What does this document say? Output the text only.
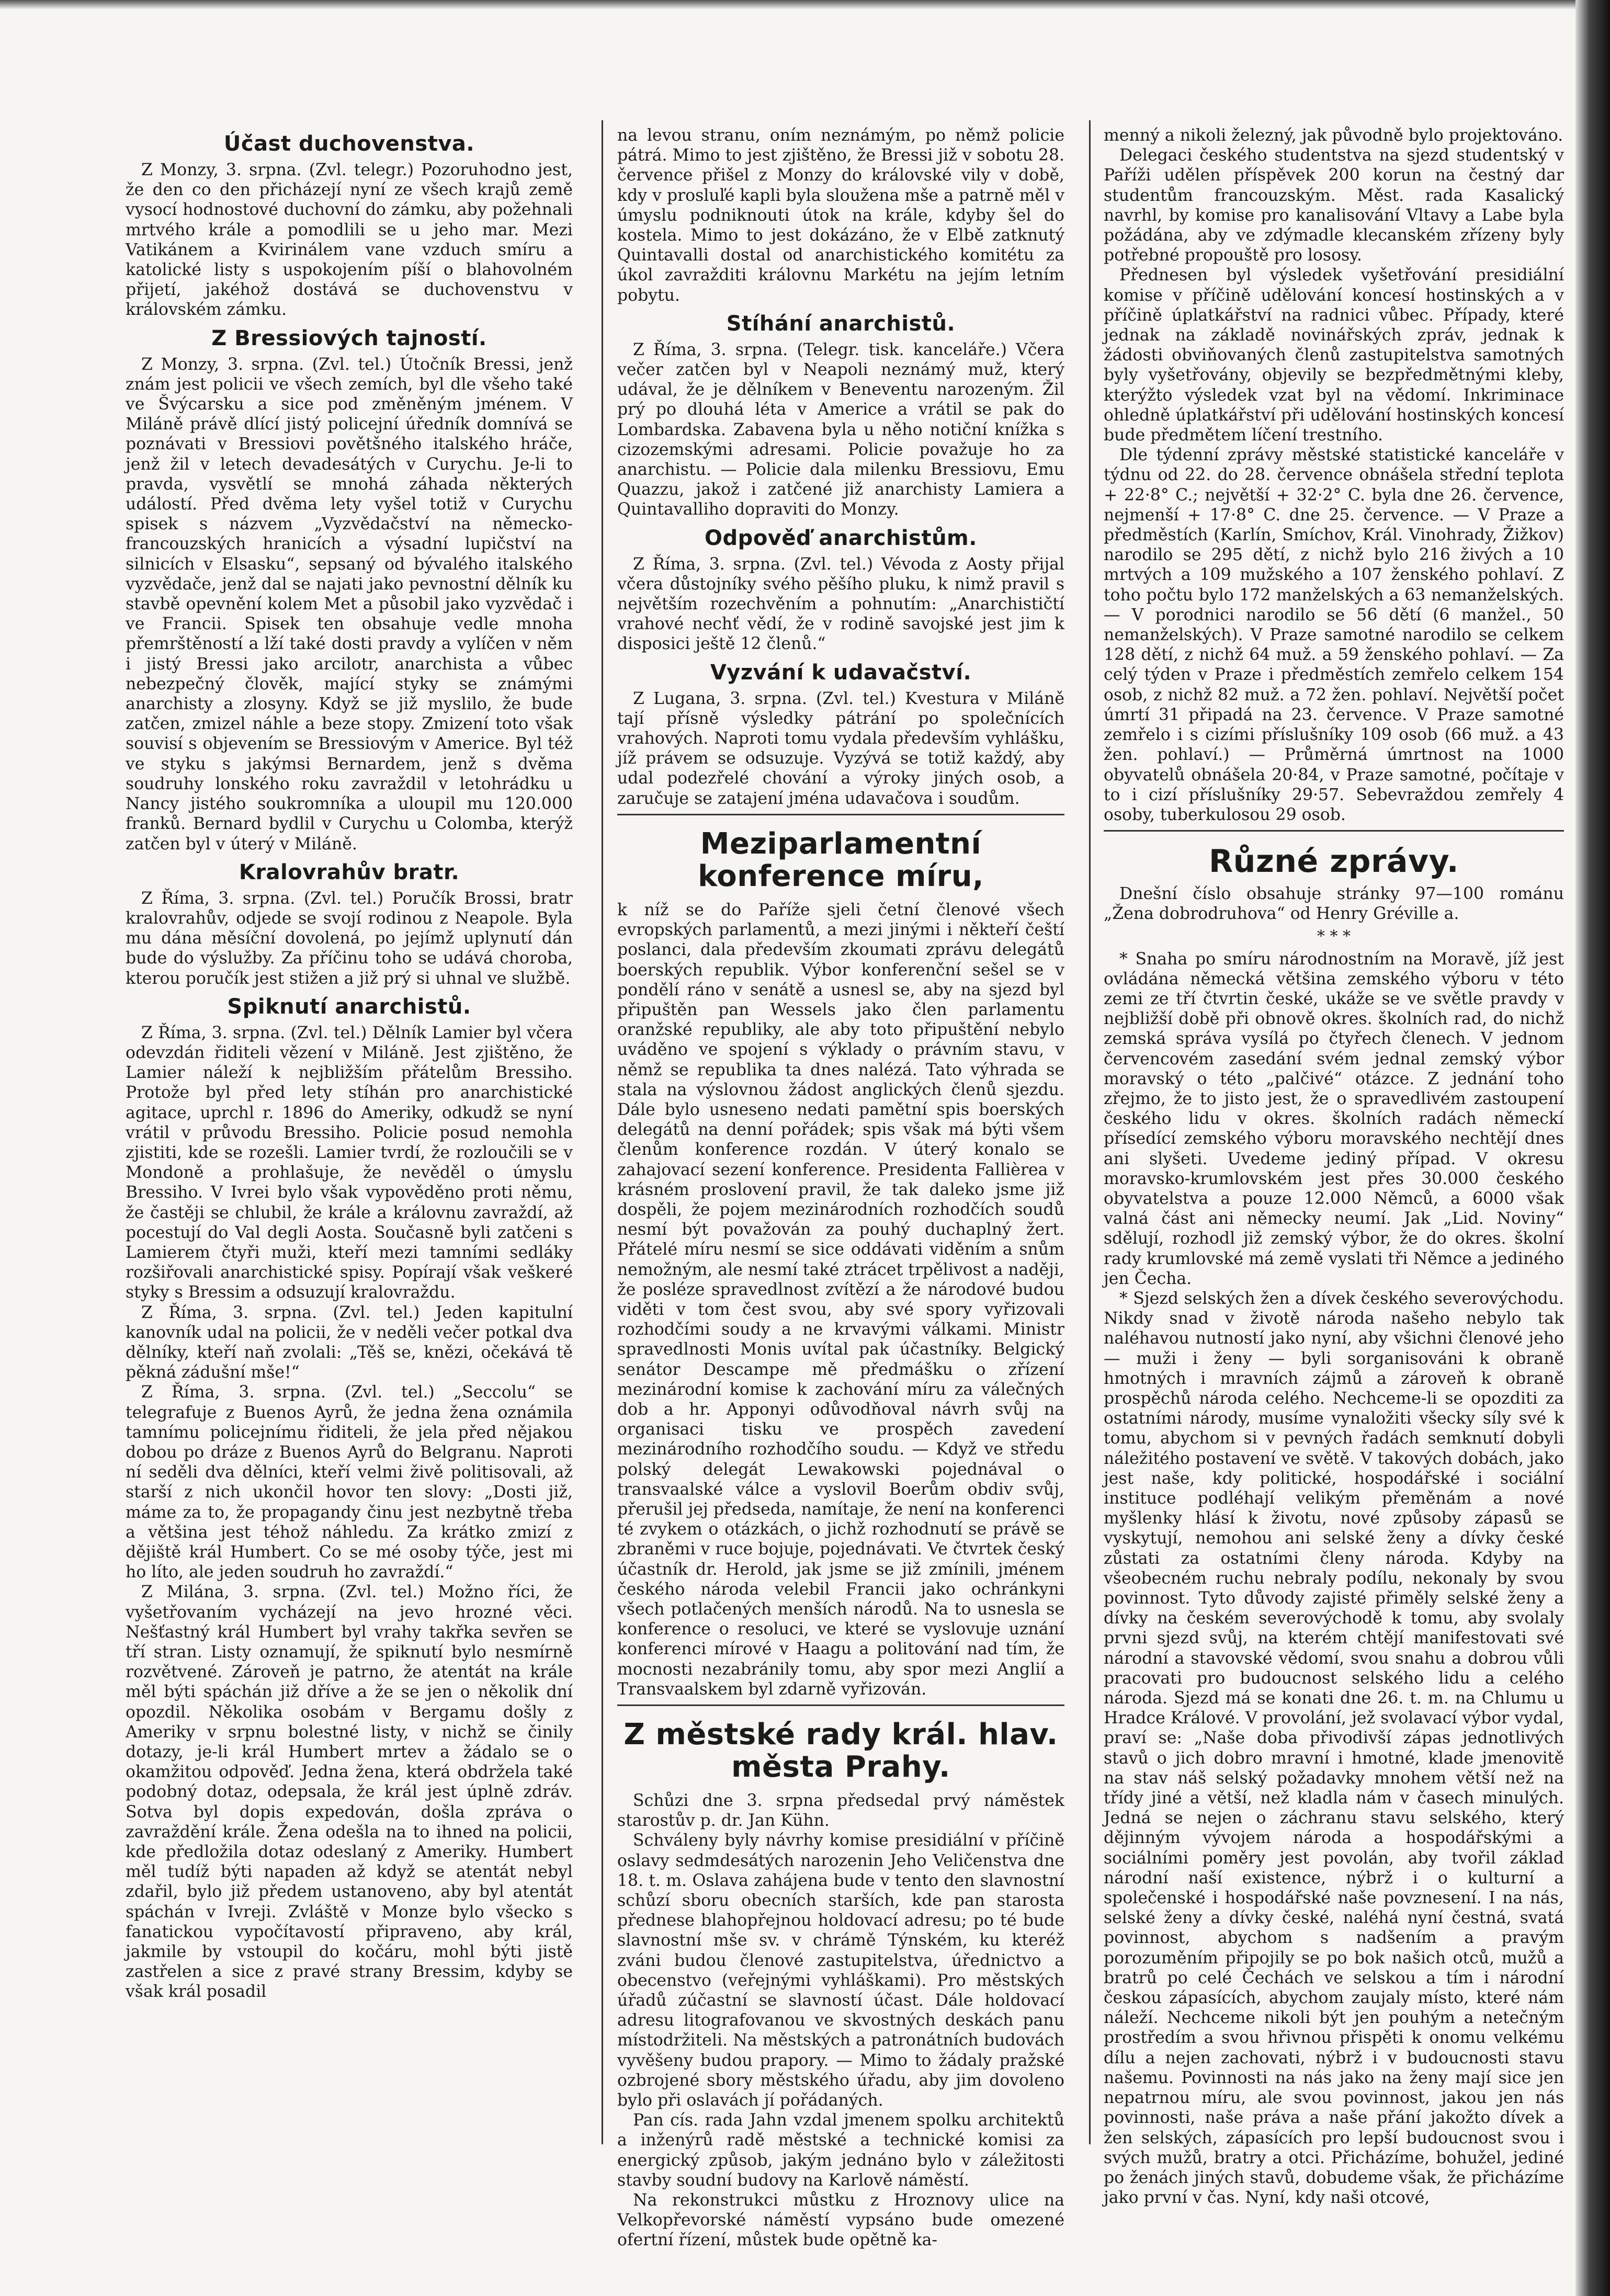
Účast duchovenstva.

Z Monzy, 3. srpna. (Zvl. telegr.) Pozoruhodno jest, že den co den přicházejí nyní ze všech krajů země vysocí hodnostové duchovní do zámku, aby požehnali mrtvého krále a pomodlili se u jeho mar. Mezi Vatikánem a Kvirinálem vane vzduch smíru a katolické listy s uspokojením píší o blahovolném přijetí, jakéhož dostává se duchovenstvu v královském zámku.

Z Bressiových tajností.

Z Monzy, 3. srpna. (Zvl. tel.) Útočník Bressi, jenž znám jest policii ve všech zemích, byl dle všeho také ve Švýcarsku a sice pod změněným jménem. V Miláně právě dlící jistý policejní úředník domnívá se poznávati v Bressiovi povětšného italského hráče, jenž žil v letech devadesátých v Curychu. Je-li to pravda, vysvětlí se mnohá záhada některých událostí. Před dvěma lety vyšel totiž v Curychu spisek s názvem „Vyzvědačství na německo-francouzských hranicích a výsadní lupičství na silnicích v Elsasku“, sepsaný od bývalého italského vyzvědače, jenž dal se najati jako pevnostní dělník ku stavbě opevnění kolem Met a působil jako vyzvědač i ve Francii. Spisek ten obsahuje vedle mnoha přemrštěností a lží také dosti pravdy a vylíčen v něm i jistý Bressi jako arcilotr, anarchista a vůbec nebezpečný člověk, mající styky se známými anarchisty a zlosyny. Když se již myslilo, že bude zatčen, zmizel náhle a beze stopy. Zmizení toto však souvisí s objevením se Bressiovým v Americe. Byl též ve styku s jakýmsi Bernardem, jenž s dvěma soudruhy lonského roku zavraždil v letohrádku u Nancy jistého soukromníka a uloupil mu 120.000 franků. Bernard bydlil v Curychu u Colomba, kterýž zatčen byl v úterý v Miláně.

Kralovrahův bratr.

Z Říma, 3. srpna. (Zvl. tel.) Poručík Brossi, bratr kralovrahův, odjede se svojí rodinou z Neapole. Byla mu dána měsíční dovolená, po jejímž uplynutí dán bude do výslužby. Za příčinu toho se udává choroba, kterou poručík jest stižen a již prý si uhnal ve službě.

Spiknutí anarchistů.

Z Říma, 3. srpna. (Zvl. tel.) Dělník Lamier byl včera odevzdán řiditeli vězení v Miláně. Jest zjištěno, že Lamier náleží k nejbližším přátelům Bressiho. Protože byl před lety stíhán pro anarchistické agitace, uprchl r. 1896 do Ameriky, odkudž se nyní vrátil v průvodu Bressiho. Policie posud nemohla zjistiti, kde se rozešli. Lamier tvrdí, že rozloučili se v Mondoně a prohlašuje, že nevěděl o úmyslu Bressiho. V Ivrei bylo však vypověděno proti němu, že častěji se chlubil, že krále a královnu zavraždí, až pocestují do Val degli Aosta. Současně byli zatčeni s Lamierem čtyři muži, kteří mezi tamními sedláky rozšiřovali anarchistické spisy. Popírají však veškeré styky s Bressim a odsuzují kralovraždu.

Z Říma, 3. srpna. (Zvl. tel.) Jeden kapitulní kanovník udal na policii, že v neděli večer potkal dva dělníky, kteří naň zvolali: „Těš se, knězi, očekává tě pěkná zádušní mše!“

Z Říma, 3. srpna. (Zvl. tel.) „Seccolu“ se telegrafuje z Buenos Ayrů, že jedna žena oznámila tamnímu policejnímu řiditeli, že jela před nějakou dobou po dráze z Buenos Ayrů do Belgranu. Naproti ní seděli dva dělníci, kteří velmi živě politisovali, až starší z nich ukončil hovor ten slovy: „Dosti již, máme za to, že propagandy činu jest nezbytně třeba a většina jest téhož náhledu. Za krátko zmizí z dějiště král Humbert. Co se mé osoby týče, jest mi ho líto, ale jeden soudruh ho zavraždí.“

Z Milána, 3. srpna. (Zvl. tel.) Možno říci, že vyšetřovaním vycházejí na jevo hrozné věci. Nešťastný král Humbert byl vrahy takřka sevřen se tří stran. Listy oznamují, že spiknutí bylo nesmírně rozvětvené. Zároveň je patrno, že atentát na krále měl býti spáchán již dříve a že se jen o několik dní opozdil. Několika osobám v Bergamu došly z Ameriky v srpnu bolestné listy, v nichž se činily dotazy, je-li král Humbert mrtev a žádalo se o okamžitou odpověď. Jedna žena, která obdržela také podobný dotaz, odepsala, že král jest úplně zdráv. Sotva byl dopis expedován, došla zpráva o zavraždění krále. Žena odešla na to ihned na policii, kde předložila dotaz odeslaný z Ameriky. Humbert měl tudíž býti napaden až když se atentát nebyl zdařil, bylo již předem ustanoveno, aby byl atentát spáchán v Ivreji. Zvláště v Monze bylo všecko s fanatickou vypočítavostí připraveno, aby král, jakmile by vstoupil do kočáru, mohl býti jistě zastřelen a sice z pravé strany Bressim, kdyby se však král posadil

na levou stranu, oním neznámým, po němž policie pátrá. Mimo to jest zjištěno, že Bressi již v sobotu 28. července přišel z Monzy do královské vily v době, kdy v prosluľé kapli byla sloužena mše a patrně měl v úmyslu podniknouti útok na krále, kdyby šel do kostela. Mimo to jest dokázáno, že v Elbě zatknutý Quintavalli dostal od anarchistického komitétu za úkol zavražditi královnu Markétu na jejím letním pobytu.

Stíhání anarchistů.

Z Říma, 3. srpna. (Telegr. tisk. kanceláře.) Včera večer zatčen byl v Neapoli neznámý muž, který udával, že je dělníkem v Beneventu narozeným. Žil prý po dlouhá léta v Americe a vrátil se pak do Lombardska. Zabavena byla u něho notiční knížka s cizozemskými adresami. Policie považuje ho za anarchistu. — Policie dala milenku Bressiovu, Emu Quazzu, jakož i zatčené již anarchisty Lamiera a Quintavalliho dopraviti do Monzy.

Odpověď anarchistům.

Z Říma, 3. srpna. (Zvl. tel.) Vévoda z Aosty přijal včera důstojníky svého pěšího pluku, k nimž pravil s největším rozechvěním a pohnutím: „Anarchističtí vrahové nechť vědí, že v rodině savojské jest jim k disposici ještě 12 členů.“

Vyzvání k udavačství.

Z Lugana, 3. srpna. (Zvl. tel.) Kvestura v Miláně tají přísně výsledky pátrání po společnících vrahových. Naproti tomu vydala především vyhlášku, jíž právem se odsuzuje. Vyzývá se totiž každý, aby udal podezřelé chování a výroky jiných osob, a zaručuje se zatajení jména udavačova i soudům.

Meziparlamentní konference míru,

k níž se do Paříže sjeli četní členové všech evropských parlamentů, a mezi jinými i někteří čeští poslanci, dala především zkoumati zprávu delegátů boerských republik. Výbor konferenční sešel se v pondělí ráno v senátě a usnesl se, aby na sjezd byl připuštěn pan Wessels jako člen parlamentu oranžské republiky, ale aby toto připuštění nebylo uváděno ve spojení s výklady o právním stavu, v němž se republika ta dnes nalézá. Tato výhrada se stala na výslovnou žádost anglických členů sjezdu. Dále bylo usneseno nedati pamětní spis boerských delegátů na denní pořádek; spis však má býti všem členům konference rozdán. V úterý konalo se zahajovací sezení konference. Presidenta Fallièrea v krásném proslovení pravil, že tak daleko jsme již dospěli, že pojem mezinárodních rozhodčích soudů nesmí být považován za pouhý duchaplný žert. Přátelé míru nesmí se sice oddávati viděním a snům nemožným, ale nesmí také ztrácet trpělivost a naději, že posléze spravedlnost zvítězí a že národové budou viděti v tom čest svou, aby své spory vyřizovali rozhodčími soudy a ne krvavými válkami. Ministr spravedlnosti Monis uvítal pak účastníky. Belgický senátor Descampe mě předmášku o zřízení mezinárodní komise k zachování míru za válečných dob a hr. Apponyi odůvodňoval návrh svůj na organisaci tisku ve prospěch zavedení mezinárodního rozhodčího soudu. — Když ve středu polský delegát Lewakowski pojednával o transvaalské válce a vyslovil Boerům obdiv svůj, přerušil jej předseda, namítaje, že není na konferenci té zvykem o otázkách, o jichž rozhodnutí se právě se zbraněmi v ruce bojuje, pojednávati. Ve čtvrtek český účastník dr. Herold, jak jsme se již zmínili, jménem českého národa velebil Francii jako ochránkyni všech potlačených menších národů. Na to usnesla se konference o resoluci, ve které se vyslovuje uznání konferenci mírové v Haagu a politování nad tím, že mocnosti nezabránily tomu, aby spor mezi Anglií a Transvaalskem byl zdarně vyřizován.

Z městské rady král. hlav. města Prahy.

Schůzi dne 3. srpna předsedal prvý náměstek starostův p. dr. Jan Kühn.

Schváleny byly návrhy komise presidiální v příčině oslavy sedmdesátých narozenin Jeho Veličenstva dne 18. t. m. Oslava zahájena bude v tento den slavnostní schůzí sboru obecních starších, kde pan starosta přednese blahopřejnou holdovací adresu; po té bude slavnostní mše sv. v chrámě Týnském, ku kteréž zváni budou členové zastupitelstva, úřednictvo a obecenstvo (veřejnými vyhláškami). Pro městských úřadů zúčastní se slavností účast. Dále holdovací adresu litografovanou ve skvostných deskách panu místodržiteli. Na městských a patronátních budovách vyvěšeny budou prapory. — Mimo to žádaly pražské ozbrojené sbory městského úřadu, aby jim dovoleno bylo při oslavách jí pořádaných.

Pan cís. rada Jahn vzdal jmenem spolku architektů a inženýrů radě městské a technické komisi za energický způsob, jakým jednáno bylo v záležitosti stavby soudní budovy na Karlově náměstí.

Na rekonstrukci můstku z Hroznovy ulice na Velkopřevorské náměstí vypsáno bude omezené ofertní řízení, můstek bude opětně ka-

menný a nikoli železný, jak původně bylo projektováno.

Delegaci českého studentstva na sjezd studentský v Paříži udělen příspěvek 200 korun na čestný dar studentům francouzským. Měst. rada Kasalický navrhl, by komise pro kanalisování Vltavy a Labe byla požádána, aby ve zdýmadle klecanském zřízeny byly potřebné propouště pro lososy.

Přednesen byl výsledek vyšetřování presidiální komise v příčině udělování koncesí hostinských a v příčině úplatkářství na radnici vůbec. Případy, které jednak na základě novinářských zpráv, jednak k žádosti obviňovaných členů zastupitelstva samotných byly vyšetřovány, objevily se bezpředmětnými kleby, kterýžto výsledek vzat byl na vědomí. Inkriminace ohledně úplatkářství při udělování hostinských koncesí bude předmětem líčení trestního.

Dle týdenní zprávy městské statistické kanceláře v týdnu od 22. do 28. července obnášela střední teplota + 22·8° C.; největší + 32·2° C. byla dne 26. července, nejmenší + 17·8° C. dne 25. července. — V Praze a předměstích (Karlín, Smíchov, Král. Vinohrady, Žižkov) narodilo se 295 dětí, z nichž bylo 216 živých a 10 mrtvých a 109 mužského a 107 ženského pohlaví. Z toho počtu bylo 172 manželských a 63 nemanželských. — V porodnici narodilo se 56 dětí (6 manžel., 50 nemanželských). V Praze samotné narodilo se celkem 128 dětí, z nichž 64 muž. a 59 ženského pohlaví. — Za celý týden v Praze i předměstích zemřelo celkem 154 osob, z nichž 82 muž. a 72 žen. pohlaví. Největší počet úmrtí 31 připadá na 23. července. V Praze samotné zemřelo i s cizími příslušníky 109 osob (66 muž. a 43 žen. pohlaví.) — Průměrná úmrtnost na 1000 obyvatelů obnášela 20·84, v Praze samotné, počítaje v to i cizí příslušníky 29·57. Sebevraždou zemřely 4 osoby, tuberkulosou 29 osob.

Různé zprávy.

Dnešní číslo obsahuje stránky 97—100 románu „Žena dobrodruhova“ od Henry Gréville a.

* * *

* Snaha po smíru národnostním na Moravě, jíž jest ovládána německá většina zemského výboru v této zemi ze tří čtvrtin české, ukáže se ve světle pravdy v nejbližší době při obnově okres. školních rad, do nichž zemská správa vysílá po čtyřech členech. V jednom červencovém zasedání svém jednal zemský výbor moravský o této „palčivé“ otázce. Z jednání toho zřejmo, že to jisto jest, že o spravedlivém zastoupení českého lidu v okres. školních radách německí přísedící zemského výboru moravského nechtějí dnes ani slyšeti. Uvedeme jediný případ. V okresu moravsko-krumlovském jest přes 30.000 českého obyvatelstva a pouze 12.000 Němců, a 6000 však valná část ani německy neumí. Jak „Lid. Noviny“ sdělují, rozhodl již zemský výbor, že do okres. školní rady krumlovské má země vyslati tři Němce a jediného jen Čecha.

* Sjezd selských žen a dívek českého severovýchodu. Nikdy snad v životě národa našeho nebylo tak naléhavou nutností jako nyní, aby všichni členové jeho — muži i ženy — byli sorganisováni k obraně hmotných i mravních zájmů a zároveň k obraně prospěchů národa celého. Nechceme-li se opozditi za ostatními národy, musíme vynaložiti všecky síly své k tomu, abychom si v pevných řadách semknutí dobyli náležitého postavení ve světě. V takových dobách, jako jest naše, kdy politické, hospodářské i sociální instituce podléhají velikým přeměnám a nové myšlenky hlásí k životu, nové způsoby zápasů se vyskytují, nemohou ani selské ženy a dívky české zůstati za ostatními členy národa. Kdyby na všeobecném ruchu nebraly podílu, nekonaly by svou povinnost. Tyto důvody zajisté přiměly selské ženy a dívky na českém severovýchodě k tomu, aby svolaly prvni sjezd svůj, na kterém chtějí manifestovati své národní a stavovské vědomí, svou snahu a dobrou vůli pracovati pro budoucnost selského lidu a celého národa. Sjezd má se konati dne 26. t. m. na Chlumu u Hradce Králové. V provolání, jež svolavací výbor vydal, praví se: „Naše doba přivodivší zápas jednotlivých stavů o jich dobro mravní i hmotné, klade jmenovitě na stav náš selský požadavky mnohem větší než na třídy jiné a větší, než kladla nám v časech minulých. Jedná se nejen o záchranu stavu selského, který dějinným vývojem národa a hospodářskými a sociálními poměry jest povolán, aby tvořil základ národní naší existence, nýbrž i o kulturní a společenské i hospodářské naše povznesení. I na nás, selské ženy a dívky české, naléhá nyní čestná, svatá povinnost, abychom s nadšením a pravým porozuměním připojily se po bok našich otců, mužů a bratrů po celé Čechách ve selskou a tím i národní českou zápasících, abychom zaujaly místo, které nám náleží. Nechceme nikoli být jen pouhým a netečným prostředím a svou hřivnou přispěti k onomu velkému dílu a nejen zachovati, nýbrž i v budoucnosti stavu našemu. Povinnosti na nás jako na ženy mají sice jen nepatrnou míru, ale svou povinnost, jakou jen nás povinnosti, naše práva a naše přání jakožto dívek a žen selských, zápasících pro lepší budoucnost svou i svých mužů, bratry a otci. Přicházíme, bohužel, jediné po ženách jiných stavů, dobudeme však, že přicházíme jako první v čas. Nyní, kdy naši otcové,
